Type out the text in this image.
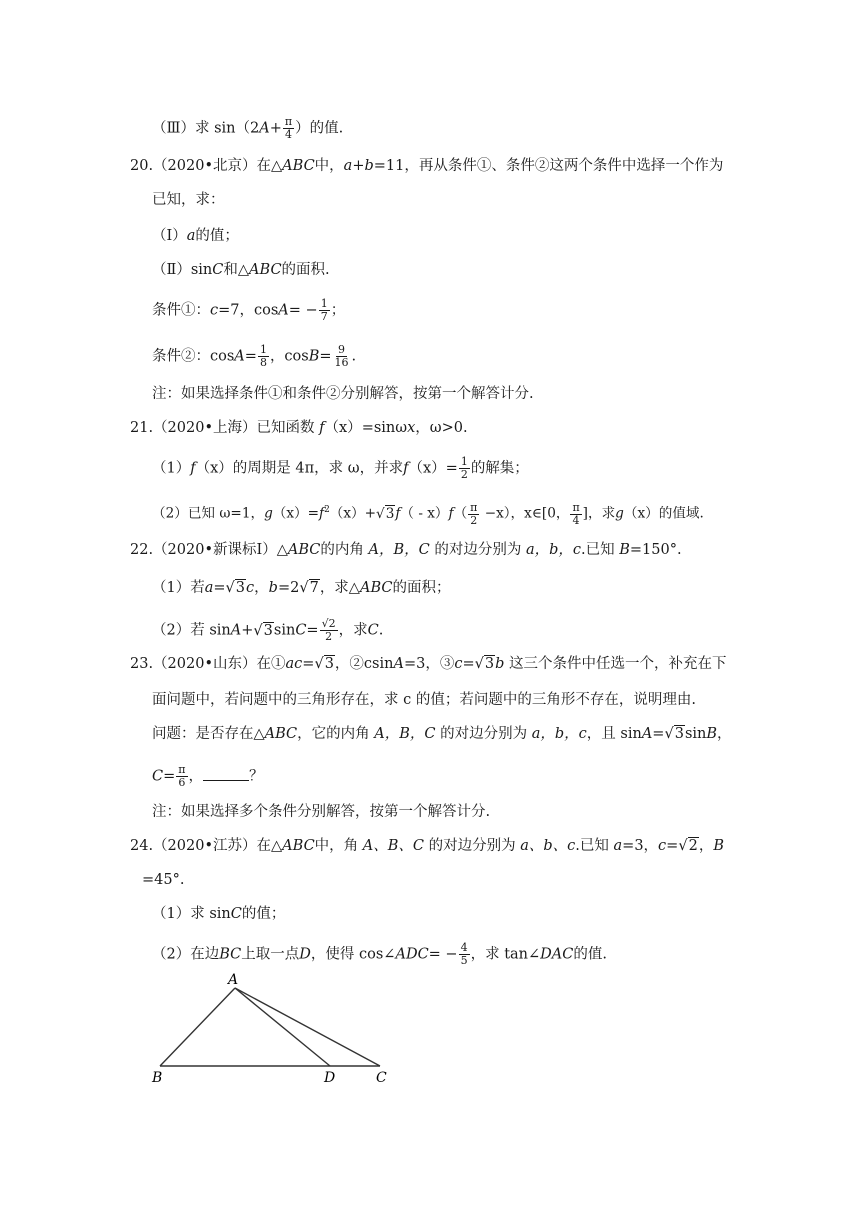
（Ⅲ）求 $\sin(2A+ \frac{\pi}{4}$ ）的值.
20.（2020•北京）在△ABC中，a+b=11，再从条件①、条件②这两个条件中选择一个作为
已知，求：
（Ⅰ）a的值；
（Ⅱ）sinC和△ABC的面积.
条件①：c=7，$\cos A= - \frac{1}{7}$ ；
条件②：$\cos A= \frac{1}{8}$ ，$\cos B= \frac{9}{16}$ .
注：如果选择条件①和条件②分别解答，按第一个解答计分.
21.（2020•上海）已知函数 f（x）=sinωx，ω>0.
（1）f（x）的周期是 4π，求 ω，并求$f(x)= \frac{1}{2}$ 的解集；
（2）已知 ω=1，$g(x)=f^2(x)+√3f( - x)f( \frac{\pi}{2} -x)$，x∈[0， $\frac{\pi}{4}$ ]，求g（x）的值域.
22.（2020•新课标Ⅰ）△ABC的内角 A，B，C 的对边分别为 a，b，c.已知 B=150°.
（1）若a=√3c，b=2√7，求△ABC的面积；
（2）若 $\sin A+√3\sin C= \frac{√2}{2}$ ，求C.
23.（2020•山东）在①ac=√3，②csinA=3，③c=√3b 这三个条件中任选一个，补充在下
面问题中，若问题中的三角形存在，求 c 的值；若问题中的三角形不存在，说明理由.
问题：是否存在△ABC，它的内角 A，B，C 的对边分别为 a，b，c，且 sinA=√3sinB，
$C= \frac{\pi}{6}$ ，	？
注：如果选择多个条件分别解答，按第一个解答计分.
24.（2020•江苏）在△ABC中，角 A、B、C 的对边分别为 a、b、c.已知 a=3，c=√2，B
=45°.
（1）求 sinC的值；
（2）在边BC上取一点D，使得 cos∠ADC= − $\frac{4}{5}$ ，求 tan∠DAC的值.
A
B	D	C
